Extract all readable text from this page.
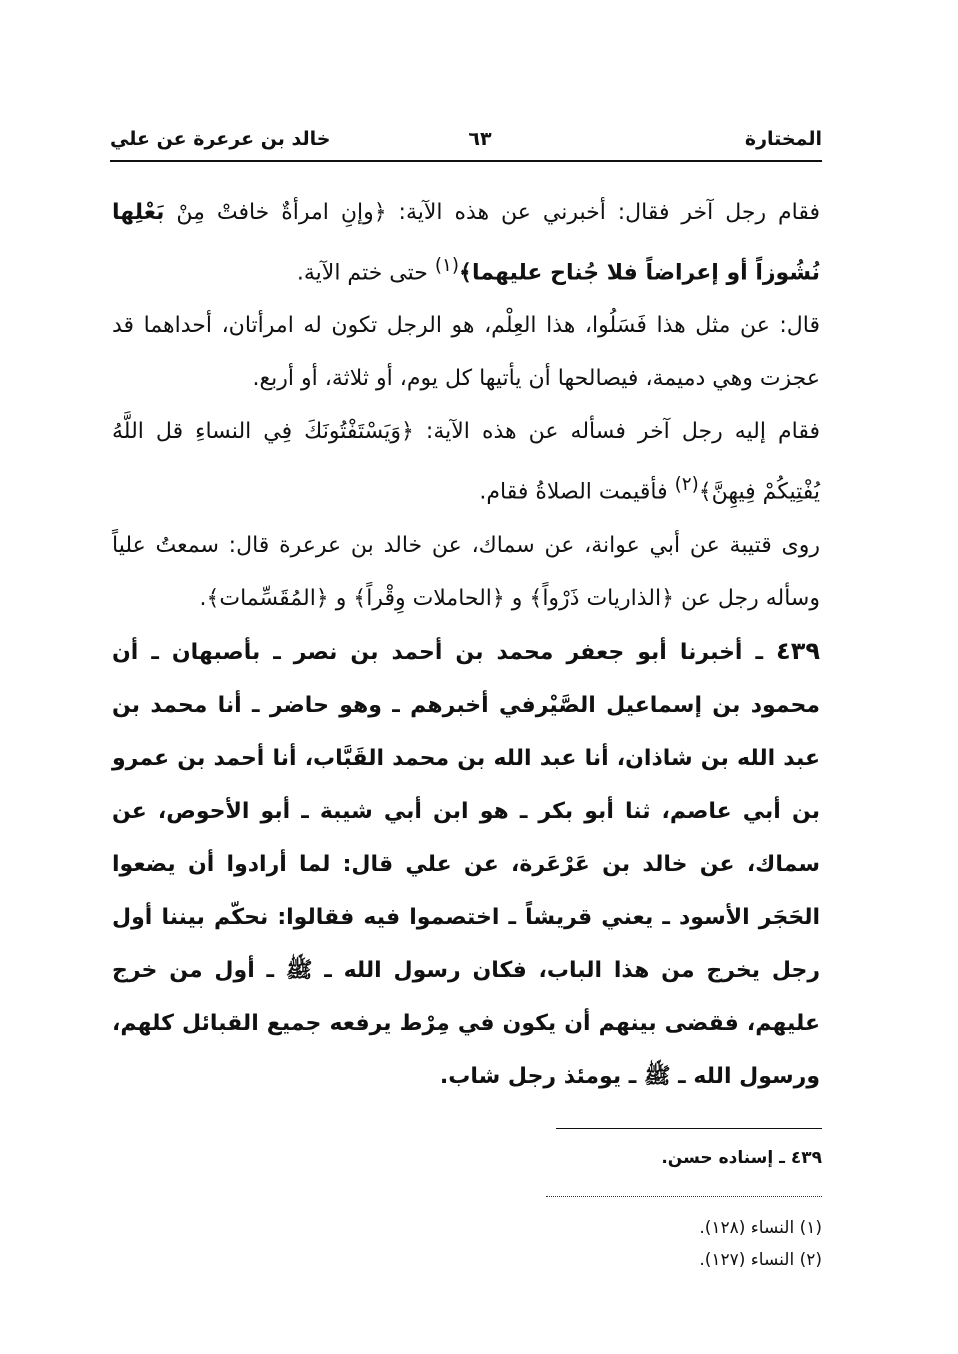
المختارة
٦٣
خالد بن عرعرة عن علي

فقام رجل آخر فقال: أخبرني عن هذه الآية: ﴿وإنِ امرأةٌ خافتْ مِنْ بَعْلِها نُشُوزاً أو إعراضاً فلا جُناح عليهما﴾$^{(١)}$ حتى ختم الآية.

قال: عن مثل هذا فَسَلُوا، هذا العِلْم، هو الرجل تكون له امرأتان، أحداهما قد عجزت وهي دميمة، فيصالحها أن يأتيها كل يوم، أو ثلاثة، أو أربع.

فقام إليه رجل آخر فسأله عن هذه الآية: ﴿وَيَسْتَفْتُونَكَ فِي النساءِ قل اللَّهُ يُفْتِيكُمْ فِيهِنَّ﴾$^{(٢)}$ فأقيمت الصلاةُ فقام.

روى قتيبة عن أبي عوانة، عن سماك، عن خالد بن عرعرة قال: سمعتُ علياً وسأله رجل عن ﴿الذاريات ذَرْواً﴾ و ﴿الحاملات وِقْراً﴾ و ﴿المُقَسِّمات﴾.

٤٣٩ ـ أخبرنا أبو جعفر محمد بن أحمد بن نصر ـ بأصبهان ـ أن محمود بن إسماعيل الصَّيْرفي أخبرهم ـ وهو حاضر ـ أنا محمد بن عبد الله بن شاذان، أنا عبد الله بن محمد القَبَّاب، أنا أحمد بن عمرو بن أبي عاصم، ثنا أبو بكر ـ هو ابن أبي شيبة ـ أبو الأحوص، عن سماك، عن خالد بن عَرْعَرة، عن علي قال: لما أرادوا أن يضعوا الحَجَر الأسود ـ يعني قريشاً ـ اختصموا فيه فقالوا: نحكّم بيننا أول رجل يخرج من هذا الباب، فكان رسول الله ـ ﷺ ـ أول من خرج عليهم، فقضى بينهم أن يكون في مِرْط يرفعه جميع القبائل كلهم، ورسول الله ـ ﷺ ـ يومئذ رجل شاب.

٤٣٩ ـ إسناده حسن.
(١) النساء (١٢٨).
(٢) النساء (١٢٧).
